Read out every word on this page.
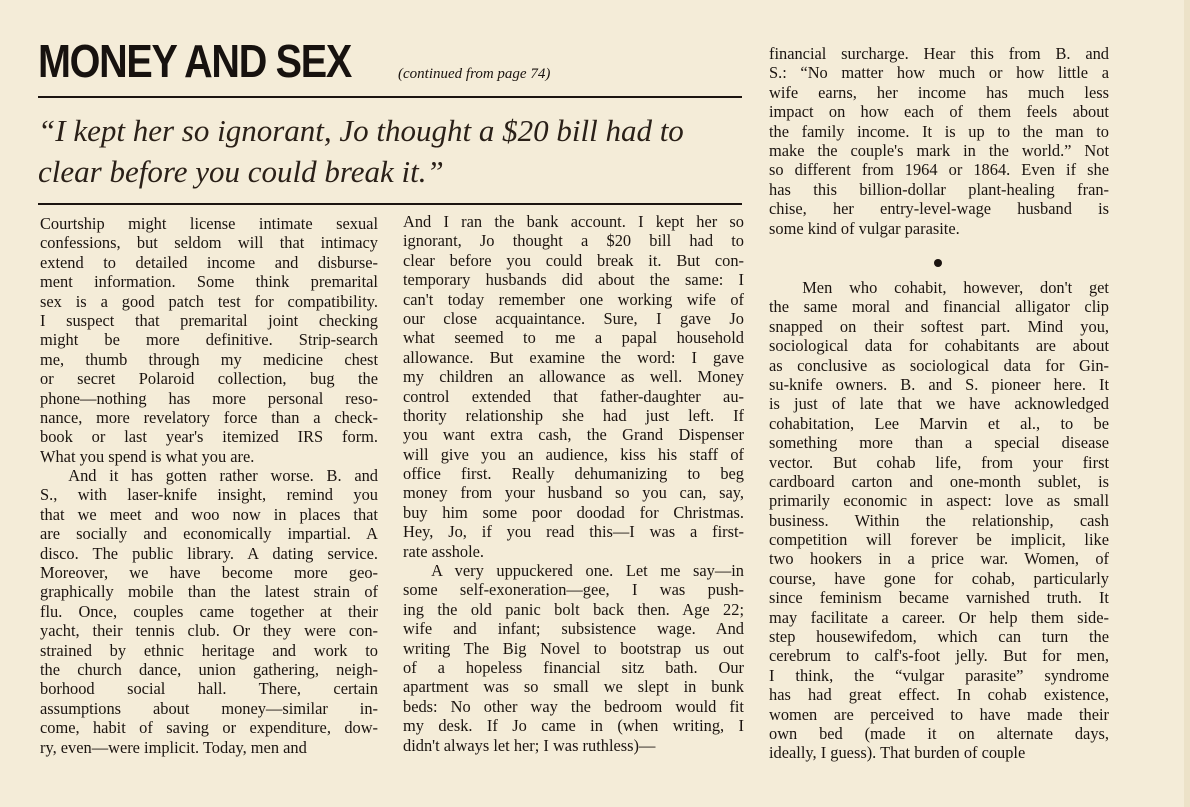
MONEY AND SEX	(continued from page 74)
“I kept her so ignorant, Jo thought a $20 bill had to clear before you could break it.”
Courtship might license intimate sexual
confessions, but seldom will that intimacy
extend to detailed income and disburse-
ment information. Some think premarital
sex is a good patch test for compatibility.
I suspect that premarital joint checking
might be more definitive. Strip-search
me, thumb through my medicine chest
or secret Polaroid collection, bug the
phone—nothing has more personal reso-
nance, more revelatory force than a check-
book or last year's itemized IRS form.
What you spend is what you are.
  And it has gotten rather worse. B. and
S., with laser-knife insight, remind you
that we meet and woo now in places that
are socially and economically impartial. A
disco. The public library. A dating service.
Moreover, we have become more geo-
graphically mobile than the latest strain of
flu. Once, couples came together at their
yacht, their tennis club. Or they were con-
strained by ethnic heritage and work to
the church dance, union gathering, neigh-
borhood social hall. There, certain
assumptions about money—similar in-
come, habit of saving or expenditure, dow-
ry, even—were implicit. Today, men and
And I ran the bank account. I kept her so
ignorant, Jo thought a $20 bill had to
clear before you could break it. But con-
temporary husbands did about the same: I
can't today remember one working wife of
our close acquaintance. Sure, I gave Jo
what seemed to me a papal household
allowance. But examine the word: I gave
my children an allowance as well. Money
control extended that father-daughter au-
thority relationship she had just left. If
you want extra cash, the Grand Dispenser
will give you an audience, kiss his staff of
office first. Really dehumanizing to beg
money from your husband so you can, say,
buy him some poor doodad for Christmas.
Hey, Jo, if you read this—I was a first-
rate asshole.
  A very uppuckered one. Let me say—in
some self-exoneration—gee, I was push-
ing the old panic bolt back then. Age 22;
wife and infant; subsistence wage. And
writing The Big Novel to bootstrap us out
of a hopeless financial sitz bath. Our
apartment was so small we slept in bunk
beds: No other way the bedroom would fit
my desk. If Jo came in (when writing, I
didn't always let her; I was ruthless)—
financial surcharge. Hear this from B. and
S.: “No matter how much or how little a
wife earns, her income has much less
impact on how each of them feels about
the family income. It is up to the man to
make the couple's mark in the world.” Not
so different from 1964 or 1864. Even if she
has this billion-dollar plant-healing fran-
chise, her entry-level-wage husband is
some kind of vulgar parasite.
  Men who cohabit, however, don't get
the same moral and financial alligator clip
snapped on their softest part. Mind you,
sociological data for cohabitants are about
as conclusive as sociological data for Gin-
su-knife owners. B. and S. pioneer here. It
is just of late that we have acknowledged
cohabitation, Lee Marvin et al., to be
something more than a special disease
vector. But cohab life, from your first
cardboard carton and one-month sublet, is
primarily economic in aspect: love as small
business. Within the relationship, cash
competition will forever be implicit, like
two hookers in a price war. Women, of
course, have gone for cohab, particularly
since feminism became varnished truth. It
may facilitate a career. Or help them side-
step housewifedom, which can turn the
cerebrum to calf's-foot jelly. But for men,
I think, the “vulgar parasite” syndrome
has had great effect. In cohab existence,
women are perceived to have made their
own bed (made it on alternate days,
ideally, I guess). That burden of couple
